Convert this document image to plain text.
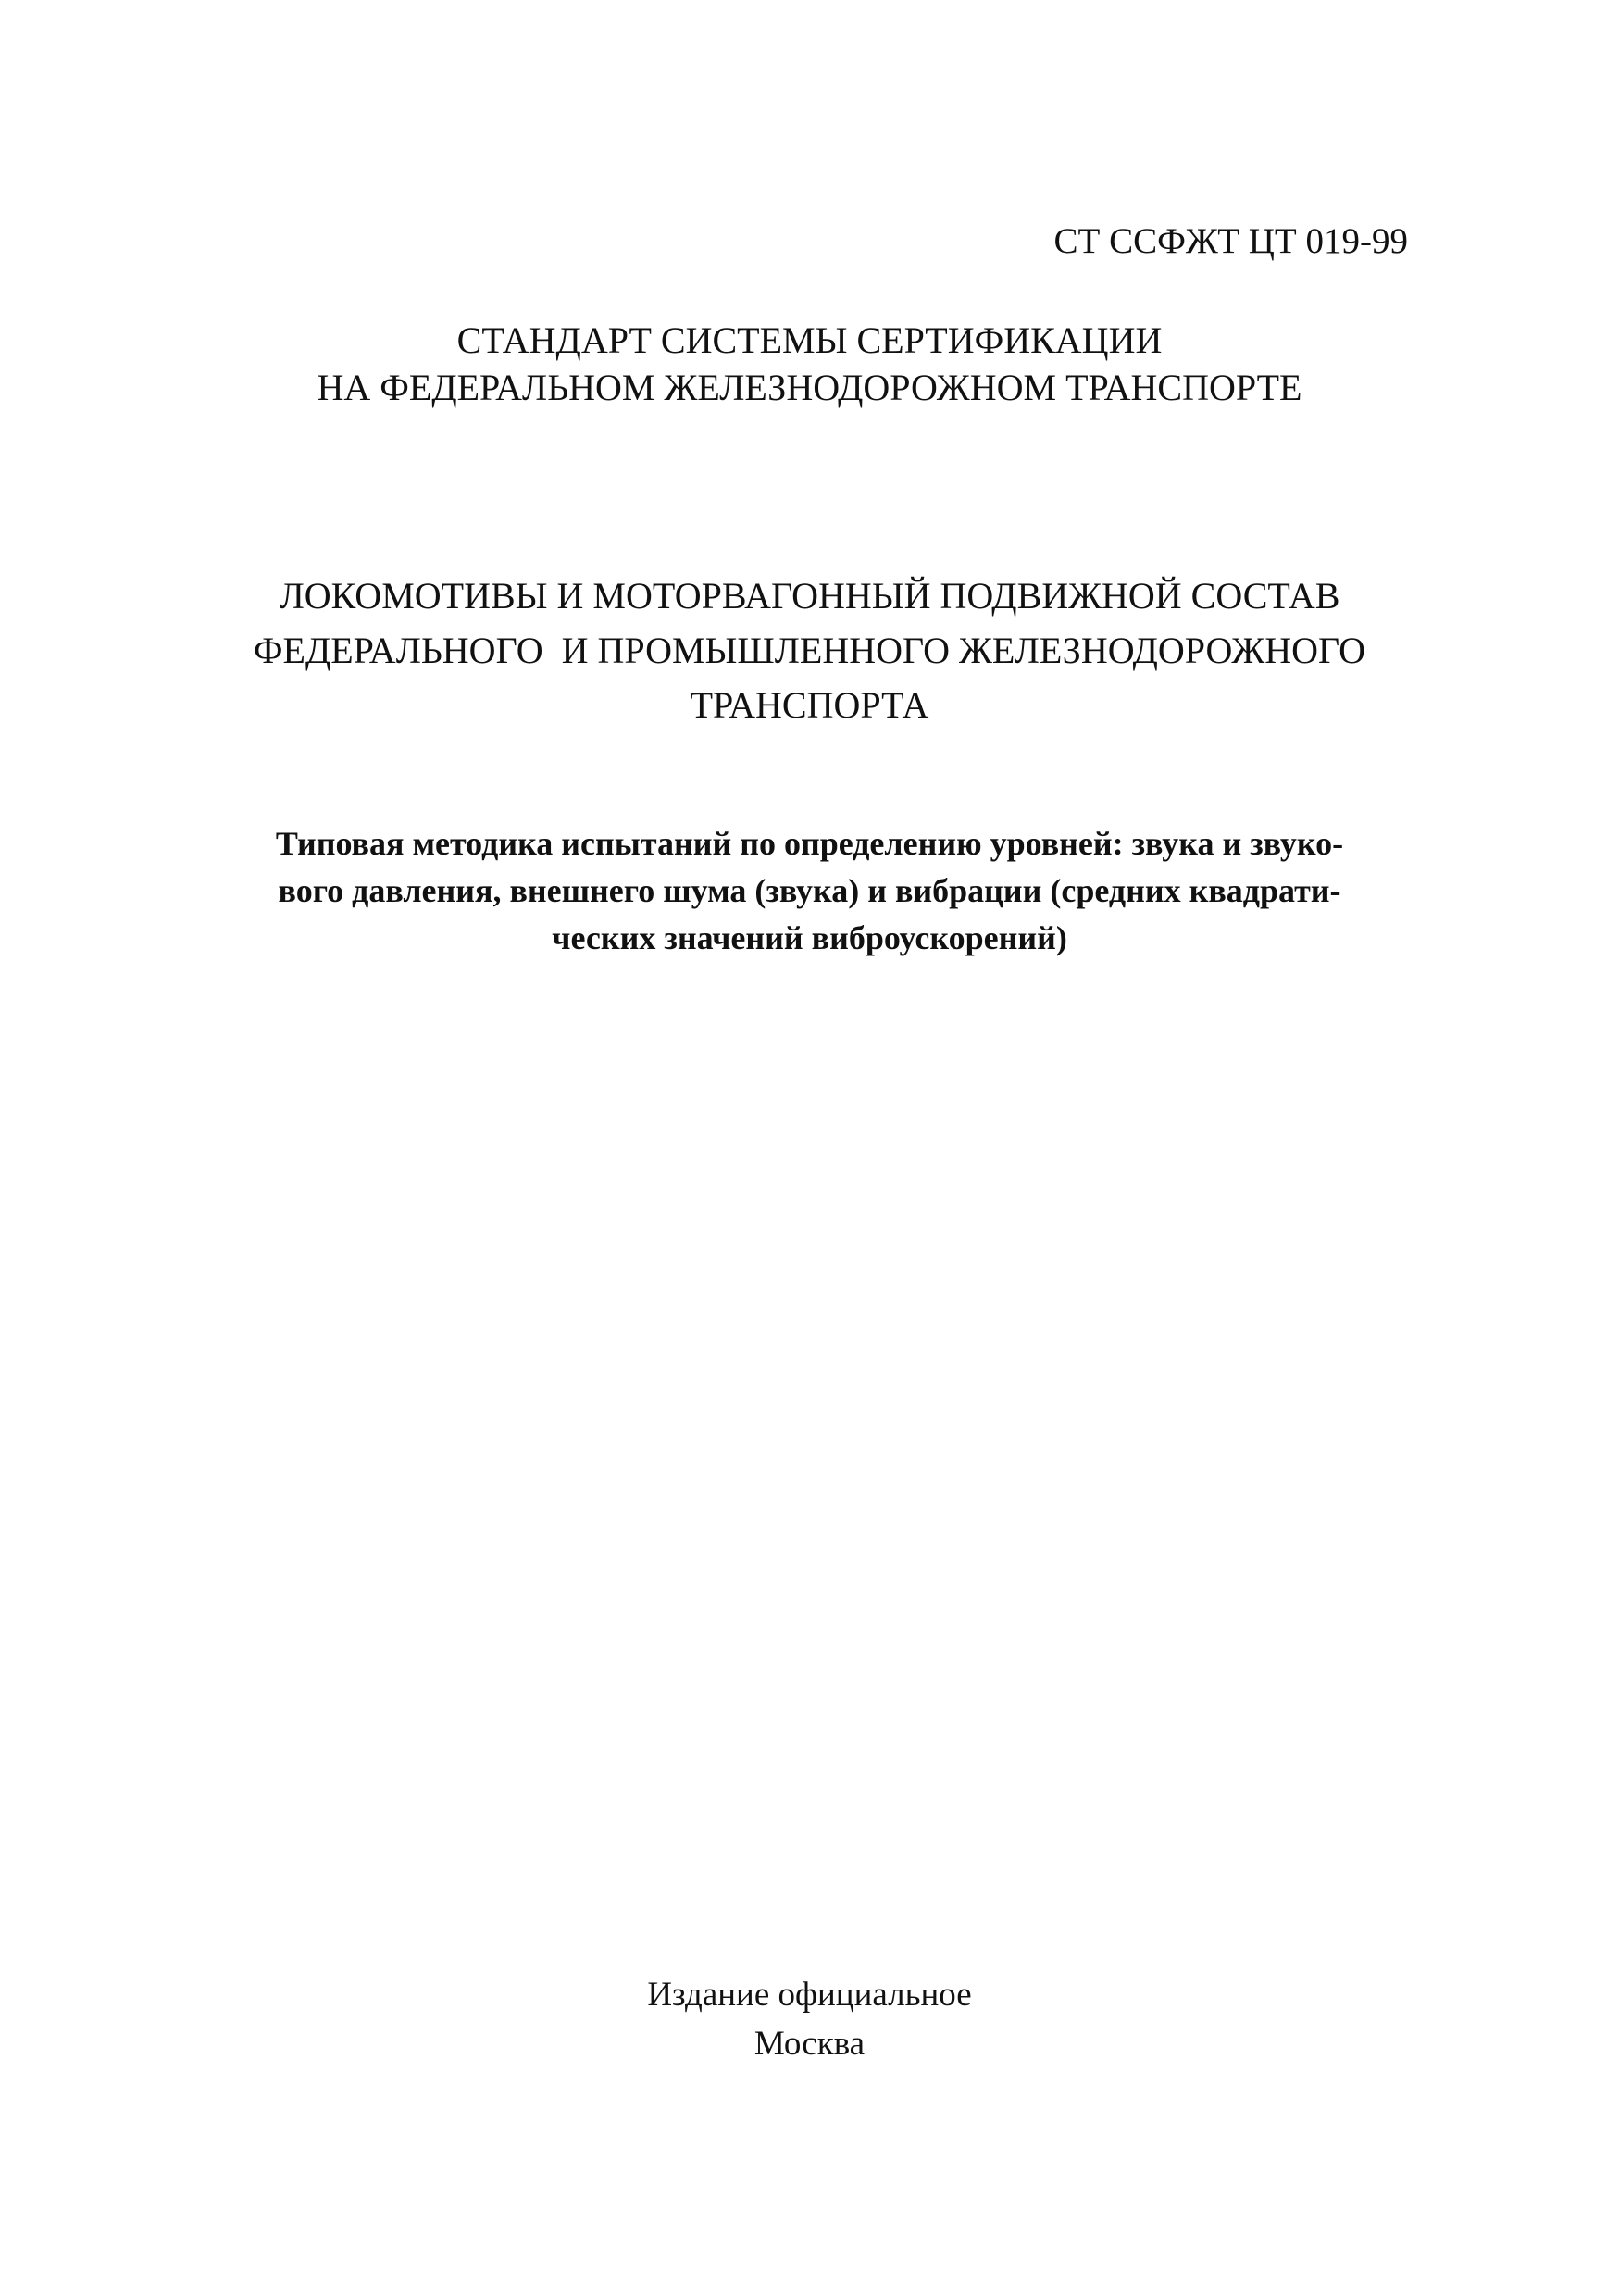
СТ ССФЖТ ЦТ 019-99
СТАНДАРТ СИСТЕМЫ СЕРТИФИКАЦИИ
НА ФЕДЕРАЛЬНОМ ЖЕЛЕЗНОДОРОЖНОМ ТРАНСПОРТЕ
ЛОКОМОТИВЫ И МОТОРВАГОННЫЙ ПОДВИЖНОЙ СОСТАВ
ФЕДЕРАЛЬНОГО  И ПРОМЫШЛЕННОГО ЖЕЛЕЗНОДОРОЖНОГО
ТРАНСПОРТА
Типовая методика испытаний по определению уровней: звука и звуко-
вого давления, внешнего шума (звука) и вибрации (средних квадрати-
ческих значений виброускорений)
Издание официальное
Москва
